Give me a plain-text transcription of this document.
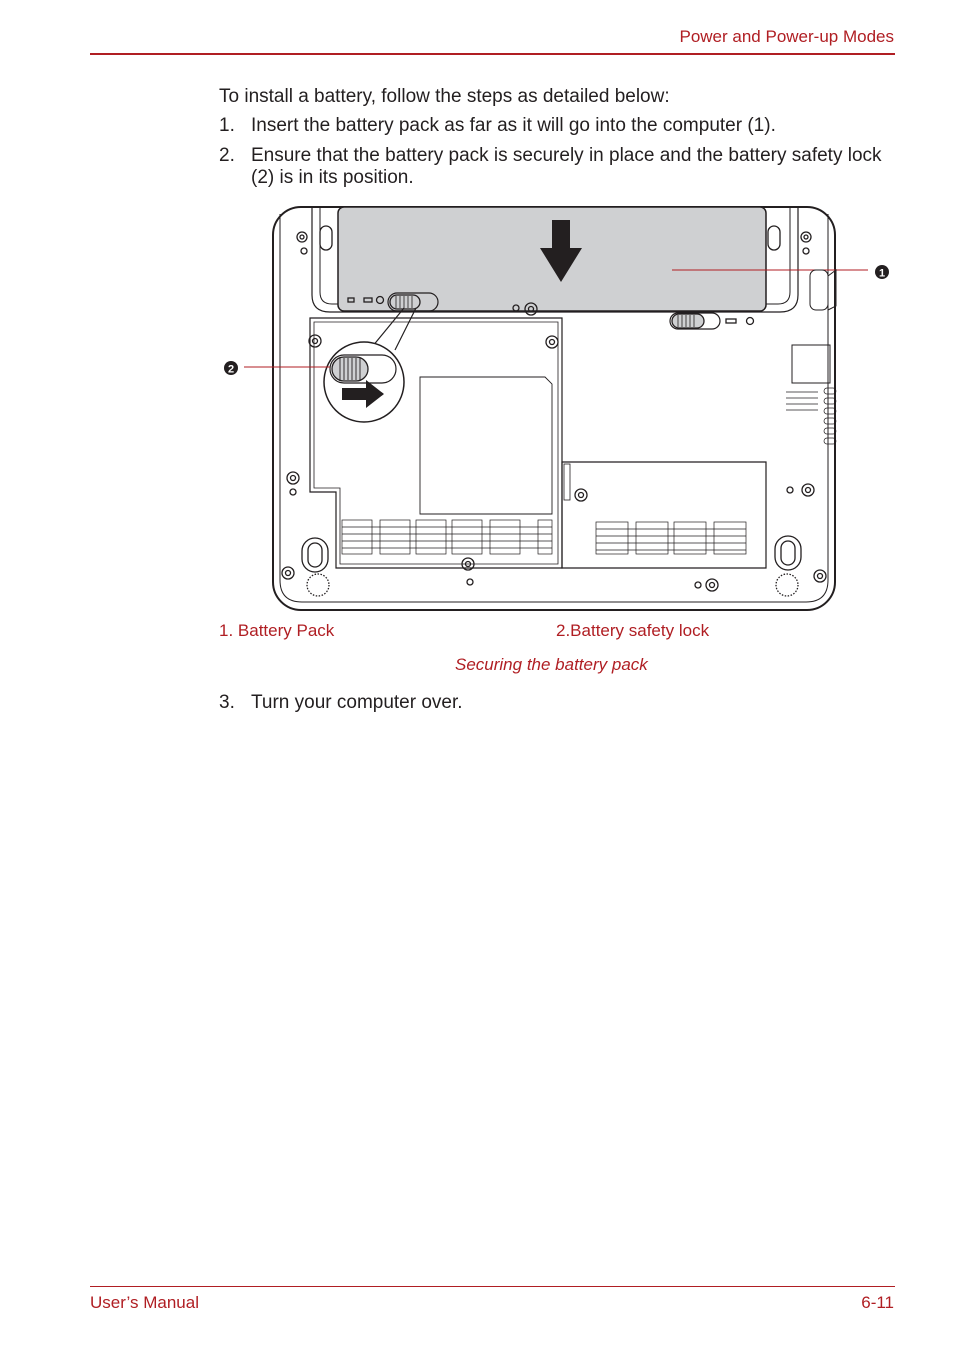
Power and Power-up Modes
To install a battery, follow the steps as detailed below:
1. Insert the battery pack as far as it will go into the computer (1).
2. Ensure that the battery pack is securely in place and the battery safety lock (2) is in its position.
1
2
1. Battery Pack	2.Battery safety lock
Securing the battery pack
3. Turn your computer over.
User’s Manual	6-11
